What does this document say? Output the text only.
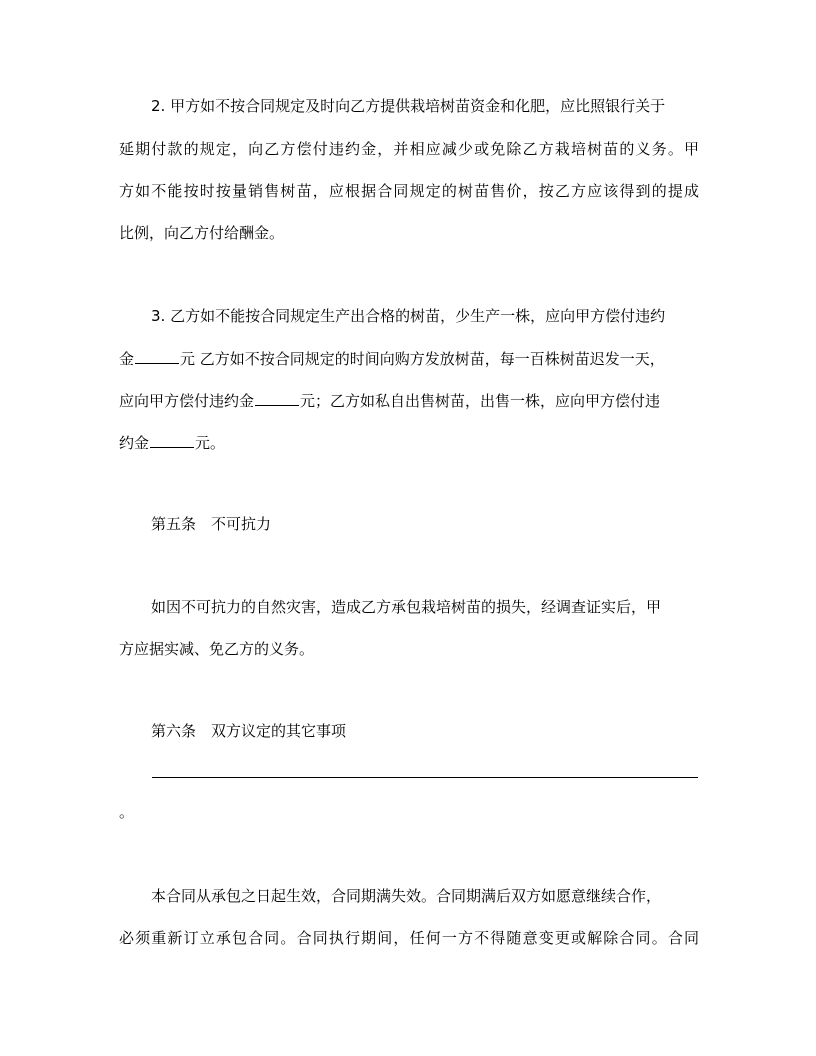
2. 甲方如不按合同规定及时向乙方提供栽培树苗资金和化肥，应比照银行关于
延期付款的规定，向乙方偿付违约金，并相应减少或免除乙方栽培树苗的义务。甲
方如不能按时按量销售树苗，应根据合同规定的树苗售价，按乙方应该得到的提成
比例，向乙方付给酬金。
3. 乙方如不能按合同规定生产出合格的树苗，少生产一株，应向甲方偿付违约
金	元 乙方如不按合同规定的时间向购方发放树苗，每一百株树苗迟发一天，
应向甲方偿付违约金	元；乙方如私自出售树苗，出售一株，应向甲方偿付违
约金	元。
第五条　不可抗力
如因不可抗力的自然灾害，造成乙方承包栽培树苗的损失，经调查证实后，甲
方应据实减、免乙方的义务。
第六条　双方议定的其它事项
。
本合同从承包之日起生效，合同期满失效。合同期满后双方如愿意继续合作，
必须重新订立承包合同。合同执行期间，任何一方不得随意变更或解除合同。合同
